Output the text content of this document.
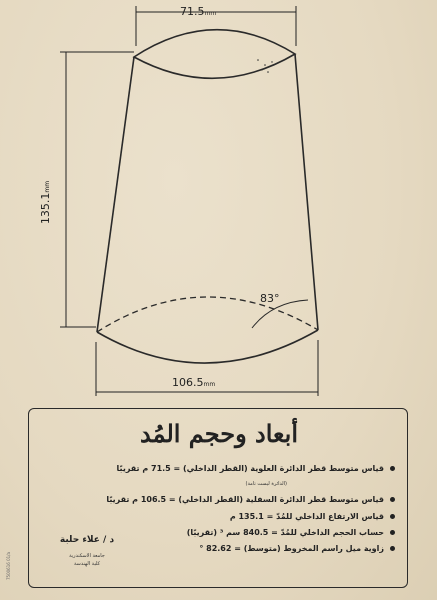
71.5mm
106.5mm
135.1mm
83°
أبعاد وحجم المُد
قياس متوسط قطر الدائرة العلوية (القطر الداخلي) = 71.5 م تقريبًا
(الدائرة ليست تامة)
قياس متوسط قطر الدائرة السفلية (القطر الداخلي) = 106.5 م تقريبًا
قياس الارتفاع الداخلي للمُدّ = 135.1 م
حساب الحجم الداخلي للمُدّ = 840.5 سم ³ (تقريبًا)
زاوية ميل راسم المخروط (متوسط) = 82.62 °
د / علاء حلبة
جامعة الاسكندرية
كلية الهندسة
7500616 01/a
